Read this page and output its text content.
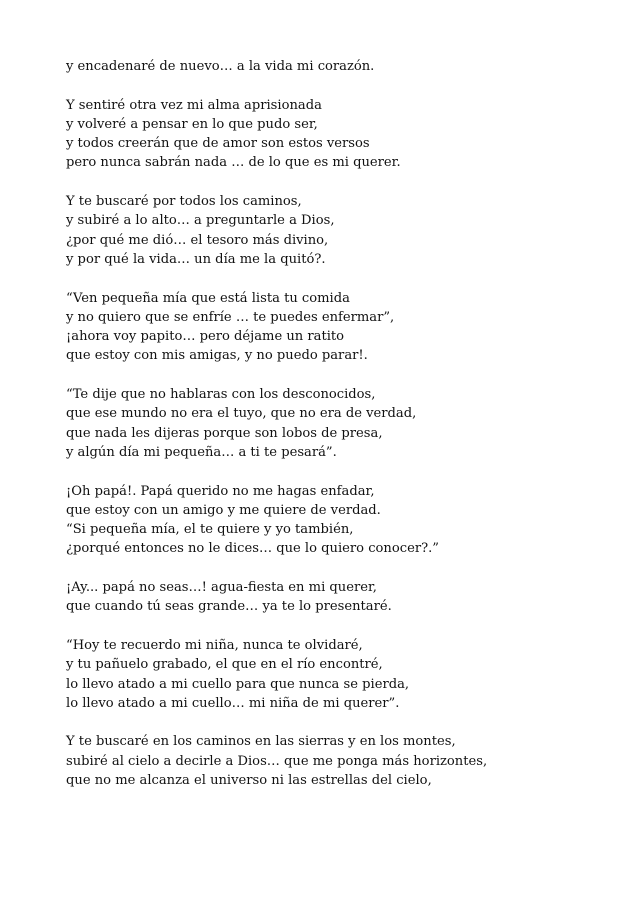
y encadenaré de nuevo… a la vida mi corazón.
Y sentiré otra vez mi alma aprisionada
y volveré a pensar en lo que pudo ser,
y todos creerán que de amor son estos versos
pero nunca sabrán nada … de lo que es mi querer.
Y te buscaré por todos los caminos,
y subiré a lo alto… a preguntarle a Dios,
¿por qué me dió… el tesoro más divino,
y por qué la vida… un día me la quitó?.
“Ven pequeña mía que está lista tu comida
y no quiero que se enfríe … te puedes enfermar”,
¡ahora voy papito… pero déjame un ratito
que estoy con mis amigas, y no puedo parar!.
“Te dije que no hablaras con los desconocidos,
que ese mundo no era el tuyo, que no era de verdad,
que nada les dijeras porque son lobos de presa,
y algún día mi pequeña… a ti te pesará”.
¡Oh papá!. Papá querido no me hagas enfadar,
que estoy con un amigo y me quiere de verdad.
“Si pequeña mía, el te quiere y yo también,
¿porqué entonces no le dices… que lo quiero conocer?.”
¡Ay... papá no seas…! agua-fiesta en mi querer,
que cuando tú seas grande… ya te lo presentaré.
“Hoy te recuerdo mi niña, nunca te olvidaré,
y tu pañuelo grabado, el que en el río encontré,
lo llevo atado a mi cuello para que nunca se pierda,
lo llevo atado a mi cuello… mi niña de mi querer”.
Y te buscaré en los caminos en las sierras y en los montes,
subiré al cielo a decirle a Dios… que me ponga más horizontes,
que no me alcanza el universo ni las estrellas del cielo,
